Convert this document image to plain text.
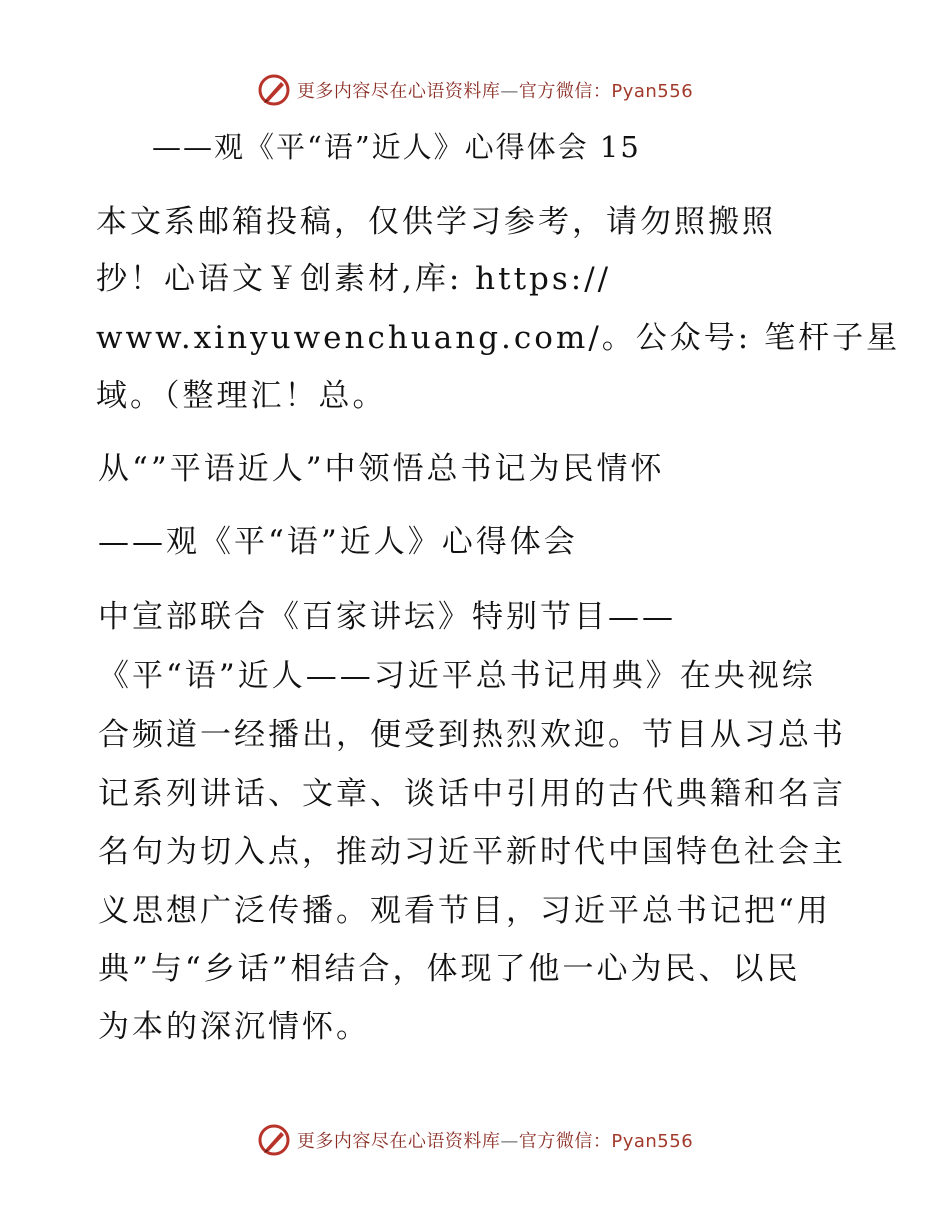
更多内容尽在心语资料库—官方微信：Pyan556
——观《平“语”近人》心得体会 15
本文系邮箱投稿，仅供学习参考，请勿照搬照
抄！心语文￥创素材,库: https://
www.xinyuwenchuang.com/。公众号: 笔杆子星
域。（整理汇！总。
从“”平语近人”中领悟总书记为民情怀
——观《平“语”近人》心得体会
中宣部联合《百家讲坛》特别节目——
《平“语”近人——习近平总书记用典》在央视综
合频道一经播出，便受到热烈欢迎。节目从习总书
记系列讲话、文章、谈话中引用的古代典籍和名言
名句为切入点，推动习近平新时代中国特色社会主
义思想广泛传播。观看节目，习近平总书记把“用
典”与“乡话”相结合，体现了他一心为民、以民
为本的深沉情怀。
更多内容尽在心语资料库—官方微信：Pyan556
